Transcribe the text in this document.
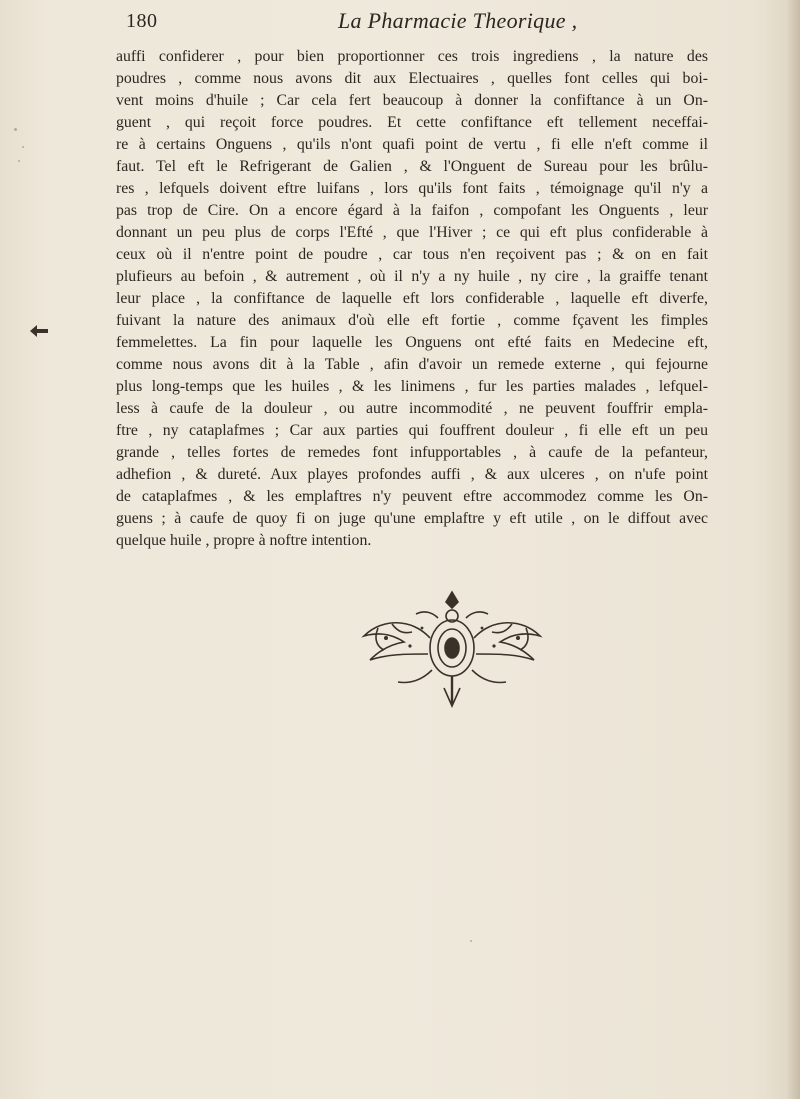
180	La Pharmacie Theorique ,
auffi confiderer , pour bien proportionner ces trois ingrediens , la nature des
poudres , comme nous avons dit aux Electuaires , quelles font celles qui boi-
vent moins d'huile ; Car cela fert beaucoup à donner la confiftance à un On-
guent , qui reçoit force poudres. Et cette confiftance eft tellement neceffai-
re à certains Onguens , qu'ils n'ont quafi point de vertu , fi elle n'eft comme il
faut. Tel eft le Refrigerant de Galien , & l'Onguent de Sureau pour les brûlu-
res , lefquels doivent eftre luifans , lors qu'ils font faits , témoignage qu'il n'y a
pas trop de Cire. On a encore égard à la faifon , compofant les Onguents , leur
donnant un peu plus de corps l'Efté , que l'Hiver ; ce qui eft plus confiderable à
ceux où il n'entre point de poudre , car tous n'en reçoivent pas ; & on en fait
plufieurs au befoin , & autrement , où il n'y a ny huile , ny cire , la graiffe tenant
leur place , la confiftance de laquelle eft lors confiderable , laquelle eft diverfe,
fuivant la nature des animaux d'où elle eft fortie , comme fçavent les fimples
femmelettes. La fin pour laquelle les Onguens ont efté faits en Medecine eft,
comme nous avons dit à la Table , afin d'avoir un remede externe , qui fejourne
plus long-temps que les huiles , & les linimens , fur les parties malades , lefquel-
less à caufe de la douleur , ou autre incommodité , ne peuvent fouffrir empla-
ftre , ny cataplafmes ; Car aux parties qui fouffrent douleur , fi elle eft un peu
grande , telles fortes de remedes font infupportables , à caufe de la pefanteur,
adhefion , & dureté. Aux playes profondes auffi , & aux ulceres , on n'ufe point
de cataplafmes , & les emplaftres n'y peuvent eftre accommodez comme les On-
guens ; à caufe de quoy fi on juge qu'une emplaftre y eft utile , on le diffout avec
quelque huile , propre à noftre intention.
